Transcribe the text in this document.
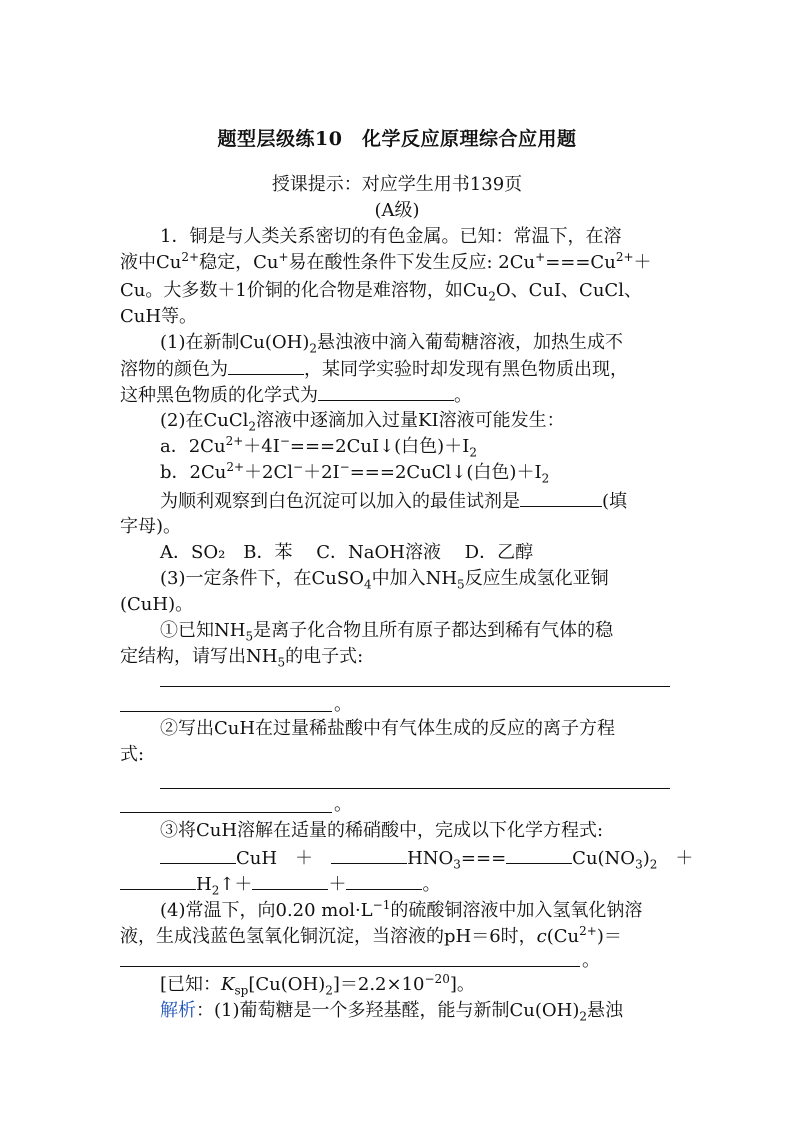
题型层级练10　化学反应原理综合应用题
授课提示：对应学生用书139页
(A级)
1．铜是与人类关系密切的有色金属。已知：常温下，在溶
液中$Cu^{2+}$稳定，Cu+易在酸性条件下发生反应: $2Cu^+===Cu^{2+}+$
Cu。大多数＋1价铜的化合物是难溶物，如$Cu_2O$、CuI、CuCl、
CuH等。
(1)在新制$Cu(OH)_2$悬浊液中滴入葡萄糖溶液，加热生成不
溶物的颜色为	，某同学实验时却发现有黑色物质出现，
这种黑色物质的化学式为	。
(2)在CuCl$_2$溶液中逐滴加入过量KI溶液可能发生：
a．$2Cu^{2+}+4I^-===2CuI↓$(白色)$+I_2$
b．$2Cu^{2+}+2Cl^-+2I^-===2CuCl↓$(白色)$+I_2$
为顺利观察到白色沉淀可以加入的最佳试剂是	(填
字母)。
A．SO₂　B．苯　 C．NaOH溶液　 D．乙醇
(3)一定条件下，在CuSO$_4$中加入$NH_5$反应生成氢化亚铜
(CuH)。
①已知$NH_5$是离子化合物且所有原子都达到稀有气体的稳
定结构，请写出$NH_5$的电子式:
。
②写出CuH在过量稀盐酸中有气体生成的反应的离子方程
式:
。
③将CuH溶解在适量的稀硝酸中，完成以下化学方程式:
CuH　＋　	$HNO_3===$	$Cu(NO_3)_2$　 ＋
$H_2↑+$	＋	。
(4)常温下，向0.20 $mol\cdot L^{-1}$的硫酸铜溶液中加入氢氧化钠溶
液，生成浅蓝色氢氧化铜沉淀，当溶液的pH＝6时，$c(Cu^{2+})=$
。
[已知：$K_{sp}[Cu(OH)_2]=2.2\times 10^{-20}$]。
解析：(1)葡萄糖是一个多羟基醛，能与新制$Cu(OH)_2$悬浊
